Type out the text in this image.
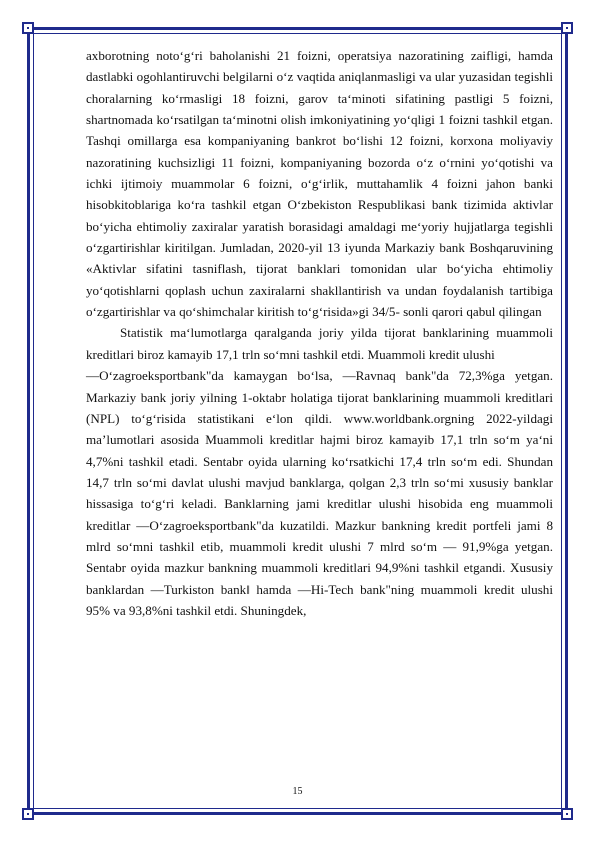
axborotning noto‘g‘ri baholanishi 21 foizni, operatsiya nazoratining zaifligi, hamda dastlabki ogohlantiruvchi belgilarni o‘z vaqtida aniqlanmasligi va ular yuzasidan tegishli choralarning ko‘rmasligi 18 foizni, garov ta‘minoti sifatining pastligi 5 foizni, shartnomada ko‘rsatilgan ta‘minotni olish imkoniyatining yo‘qligi 1 foizni tashkil etgan. Tashqi omillarga esa kompaniyaning bankrot bo‘lishi 12 foizni, korxona moliyaviy nazoratining kuchsizligi 11 foizni, kompaniyaning bozorda o‘z o‘rnini yo‘qotishi va ichki ijtimoiy muammolar 6 foizni, o‘g‘irlik, muttahamlik 4 foizni jahon banki hisobkitoblariga ko‘ra tashkil etgan O‘zbekiston Respublikasi bank tizimida aktivlar bo‘yicha ehtimoliy zaxiralar yaratish borasidagi amaldagi me‘yoriy hujjatlarga tegishli o‘zgartirishlar kiritilgan. Jumladan, 2020-yil 13 iyunda Markaziy bank Boshqaruvining «Aktivlar sifatini tasniflash, tijorat banklari tomonidan ular bo‘yicha ehtimoliy yo‘qotishlarni qoplash uchun zaxiralarni shakllantirish va undan foydalanish tartibiga o‘zgartirishlar va qo‘shimchalar kiritish to‘g‘risida»gi 34/5- sonli qarori qabul qilingan

Statistik ma‘lumotlarga qaralganda joriy yilda tijorat banklarining muammoli kreditlari biroz kamayib 17,1 trln so‘mni tashkil etdi. Muammoli kredit ulushi

―O‘zagroeksportbank"da kamaygan bo‘lsa, ―Ravnaq bank"da 72,3%ga yetgan. Markaziy bank joriy yilning 1-oktabr holatiga tijorat banklarining muammoli kreditlari (NPL) to‘g‘risida statistikani e‘lon qildi. www.worldbank.orgning 2022-yildagi ma’lumotlari asosida Muammoli kreditlar hajmi biroz kamayib 17,1 trln so‘m ya‘ni 4,7%ni tashkil etadi. Sentabr oyida ularning ko‘rsatkichi 17,4 trln so‘m edi. Shundan 14,7 trln so‘mi davlat ulushi mavjud banklarga, qolgan 2,3 trln so‘mi xususiy banklar hissasiga to‘g‘ri keladi. Banklarning jami kreditlar ulushi hisobida eng muammoli kreditlar ―O‘zagroeksportbank"da kuzatildi. Mazkur bankning kredit portfeli jami 8 mlrd so‘mni tashkil etib, muammoli kredit ulushi 7 mlrd so‘m ― 91,9%ga yetgan. Sentabr oyida mazkur bankning muammoli kreditlari 94,9%ni tashkil etgandi. Xususiy banklardan ―Turkiston bank‖ hamda ―Hi-Tech bank"ning muammoli kredit ulushi 95% va 93,8%ni tashkil etdi. Shuningdek,

15
